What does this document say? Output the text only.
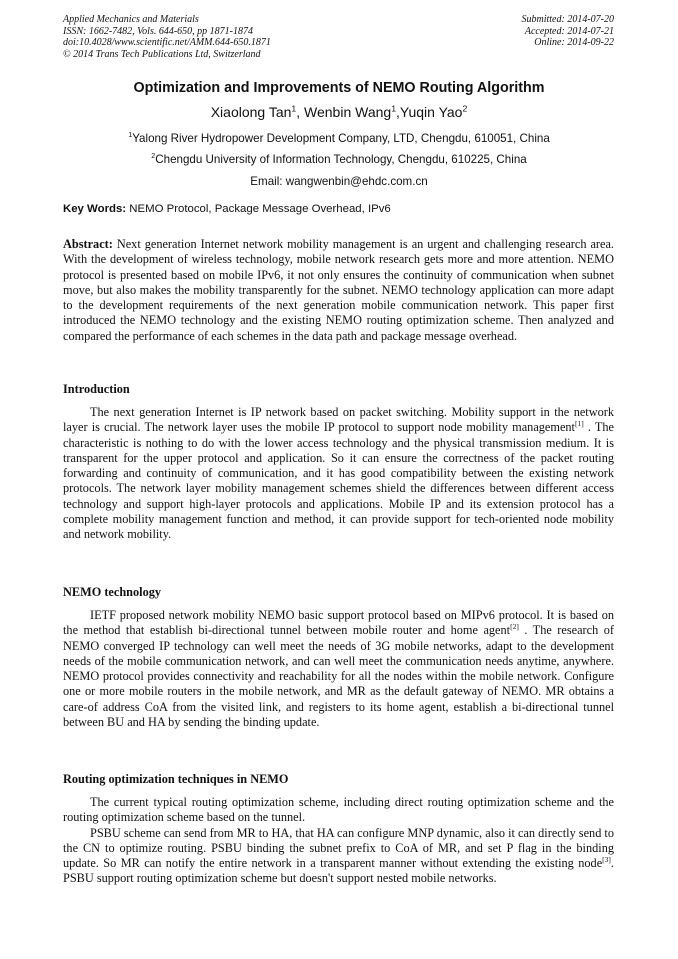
Applied Mechanics and Materials
ISSN: 1662-7482, Vols. 644-650, pp 1871-1874
doi:10.4028/www.scientific.net/AMM.644-650.1871
© 2014 Trans Tech Publications Ltd, Switzerland
Submitted: 2014-07-20
Accepted: 2014-07-21
Online: 2014-09-22
Optimization and Improvements of NEMO Routing Algorithm
Xiaolong Tan$^1$, Wenbin Wang$^1$,Yuqin Yao$^2$
$^1$Yalong River Hydropower Development Company, LTD, Chengdu, 610051, China
$^2$Chengdu University of Information Technology, Chengdu, 610225, China
Email: wangwenbin@ehdc.com.cn
Key Words: NEMO Protocol, Package Message Overhead, IPv6

Abstract: Next generation Internet network mobility management is an urgent and challenging research area. With the development of wireless technology, mobile network research gets more and more attention. NEMO protocol is presented based on mobile IPv6, it not only ensures the continuity of communication when subnet move, but also makes the mobility transparently for the subnet. NEMO technology application can more adapt to the development requirements of the next generation mobile communication network. This paper first introduced the NEMO technology and the existing NEMO routing optimization scheme. Then analyzed and compared the performance of each schemes in the data path and package message overhead.

Introduction

The next generation Internet is IP network based on packet switching. Mobility support in the network layer is crucial. The network layer uses the mobile IP protocol to support node mobility management[1] . The characteristic is nothing to do with the lower access technology and the physical transmission medium. It is transparent for the upper protocol and application. So it can ensure the correctness of the packet routing forwarding and continuity of communication, and it has good compatibility between the existing network protocols. The network layer mobility management schemes shield the differences between different access technology and support high-layer protocols and applications. Mobile IP and its extension protocol has a complete mobility management function and method, it can provide support for tech-oriented node mobility and network mobility.

NEMO technology

IETF proposed network mobility NEMO basic support protocol based on MIPv6 protocol. It is based on the method that establish bi-directional tunnel between mobile router and home agent[2] . The research of NEMO converged IP technology can well meet the needs of 3G mobile networks, adapt to the development needs of the mobile communication network, and can well meet the communication needs anytime, anywhere. NEMO protocol provides connectivity and reachability for all the nodes within the mobile network. Configure one or more mobile routers in the mobile network, and MR as the default gateway of NEMO. MR obtains a care-of address CoA from the visited link, and registers to its home agent, establish a bi-directional tunnel between BU and HA by sending the binding update.

Routing optimization techniques in NEMO

The current typical routing optimization scheme, including direct routing optimization scheme and the routing optimization scheme based on the tunnel.

PSBU scheme can send from MR to HA, that HA can configure MNP dynamic, also it can directly send to the CN to optimize routing. PSBU binding the subnet prefix to CoA of MR, and set P flag in the binding update. So MR can notify the entire network in a transparent manner without extending the existing node[3]. PSBU support routing optimization scheme but doesn't support nested mobile networks.
